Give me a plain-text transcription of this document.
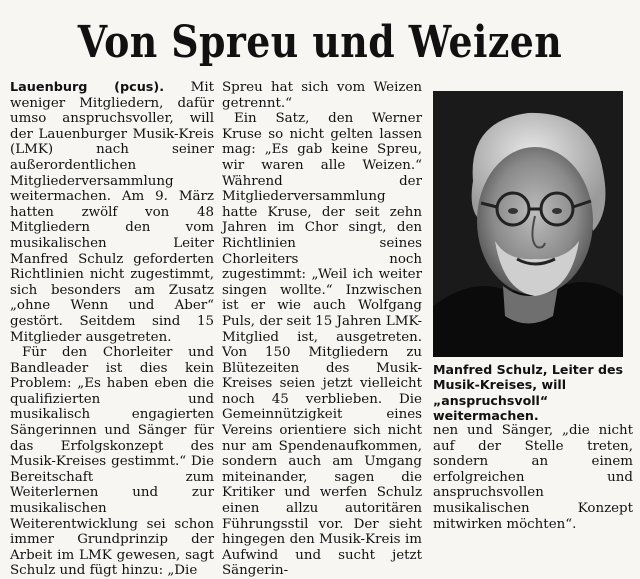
Von Spreu und Weizen

Lauenburg (pcus). Mit weniger Mitgliedern, dafür umso anspruchsvoller, will der Lauenburger Musik-Kreis (LMK) nach seiner außerordentlichen Mitgliederversammlung weitermachen. Am 9. März hatten zwölf von 48 Mitgliedern den vom musikalischen Leiter Manfred Schulz geforderten Richtlinien nicht zugestimmt, sich besonders am Zusatz „ohne Wenn und Aber“ gestört. Seitdem sind 15 Mitglieder ausgetreten.

Für den Chorleiter und Bandleader ist dies kein Problem: „Es haben eben die qualifizierten und musikalisch engagierten Sängerinnen und Sänger für das Erfolgskonzept des Musik-Kreises gestimmt.“ Die Bereitschaft zum Weiterlernen und zur musikalischen Weiterentwicklung sei schon immer Grundprinzip der Arbeit im LMK gewesen, sagt Schulz und fügt hinzu: „Die

Spreu hat sich vom Weizen getrennt.“

Ein Satz, den Werner Kruse so nicht gelten lassen mag: „Es gab keine Spreu, wir waren alle Weizen.“ Während der Mitgliederversammlung hatte Kruse, der seit zehn Jahren im Chor singt, den Richtlinien seines Chorleiters noch zugestimmt: „Weil ich weiter singen wollte.“ Inzwischen ist er wie auch Wolfgang Puls, der seit 15 Jahren LMK-Mitglied ist, ausgetreten. Von 150 Mitgliedern zu Blütezeiten des Musik-Kreises seien jetzt vielleicht noch 45 verblieben. Die Gemeinnützigkeit eines Vereins orientiere sich nicht nur am Spendenaufkommen, sondern auch am Umgang miteinander, sagen die Kritiker und werfen Schulz einen allzu autoritären Führungsstil vor. Der sieht hingegen den Musik-Kreis im Aufwind und sucht jetzt Sängerin-

Manfred Schulz, Leiter des Musik-Kreises, will „anspruchsvoll“ weitermachen.

nen und Sänger, „die nicht auf der Stelle treten, sondern an einem erfolgreichen und anspruchsvollen musikalischen Konzept mitwirken möchten“.
